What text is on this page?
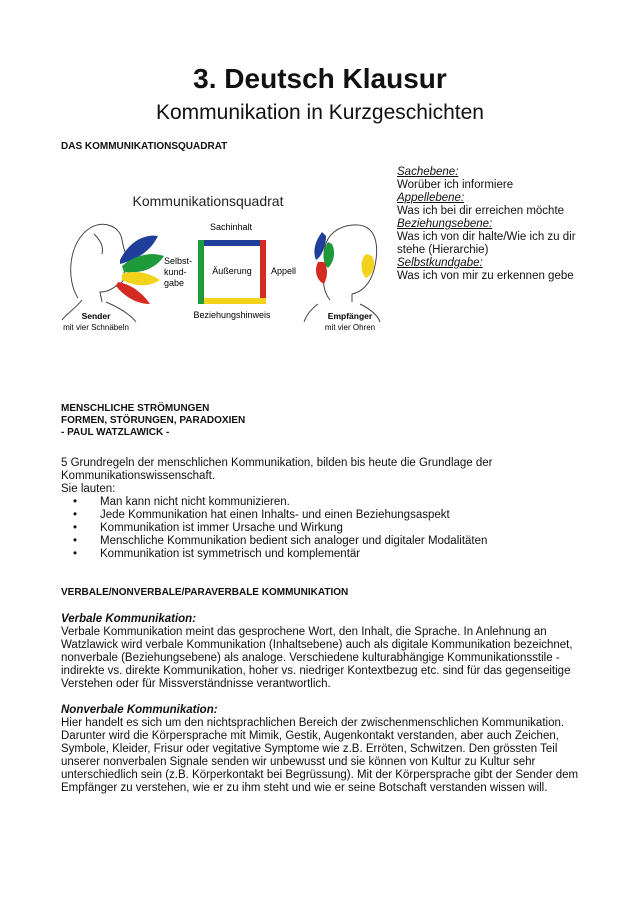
3. Deutsch Klausur
Kommunikation in Kurzgeschichten
DAS KOMMUNIKATIONSQUADRAT
Kommunikationsquadrat
Sender
mit vier Schnäbeln
Sachinhalt
Selbst-
kund-
gabe
Äußerung Appell
Beziehungshinweis	Empfänger
mit vier Ohren
Sachebene:
Worüber ich informiere
Appellebene:
Was ich bei dir erreichen möchte
Beziehungsebene:
Was ich von dir halte/Wie ich zu dir stehe (Hierarchie)
Selbstkundgabe:
Was ich von mir zu erkennen gebe
MENSCHLICHE STRÖMUNGEN
FORMEN, STÖRUNGEN, PARADOXIEN
- PAUL WATZLAWICK -
5 Grundregeln der menschlichen Kommunikation, bilden bis heute die Grundlage der Kommunikationswissenschaft.
Sie lauten:
• Man kann nicht nicht kommunizieren.
• Jede Kommunikation hat einen Inhalts- und einen Beziehungsaspekt
• Kommunikation ist immer Ursache und Wirkung
• Menschliche Kommunikation bedient sich analoger und digitaler Modalitäten
• Kommunikation ist symmetrisch und komplementär
VERBALE/NONVERBALE/PARAVERBALE KOMMUNIKATION
Verbale Kommunikation:
Verbale Kommunikation meint das gesprochene Wort, den Inhalt, die Sprache. In Anlehnung an Watzlawick wird verbale Kommunikation (Inhaltsebene) auch als digitale Kommunikation bezeichnet, nonverbale (Beziehungsebene) als analoge. Verschiedene kulturabhängige Kommunikationsstile - indirekte vs. direkte Kommunikation, hoher vs. niedriger Kontextbezug etc. sind für das gegenseitige Verstehen oder für Missverständnisse verantwortlich.
Nonverbale Kommunikation:
Hier handelt es sich um den nichtsprachlichen Bereich der zwischenmenschlichen Kommunikation. Darunter wird die Körpersprache mit Mimik, Gestik, Augenkontakt verstanden, aber auch Zeichen, Symbole, Kleider, Frisur oder vegitative Symptome wie z.B. Erröten, Schwitzen. Den grössten Teil unserer nonverbalen Signale senden wir unbewusst und sie können von Kultur zu Kultur sehr unterschiedlich sein (z.B. Körperkontakt bei Begrüssung). Mit der Körpersprache gibt der Sender dem Empfänger zu verstehen, wie er zu ihm steht und wie er seine Botschaft verstanden wissen will.
